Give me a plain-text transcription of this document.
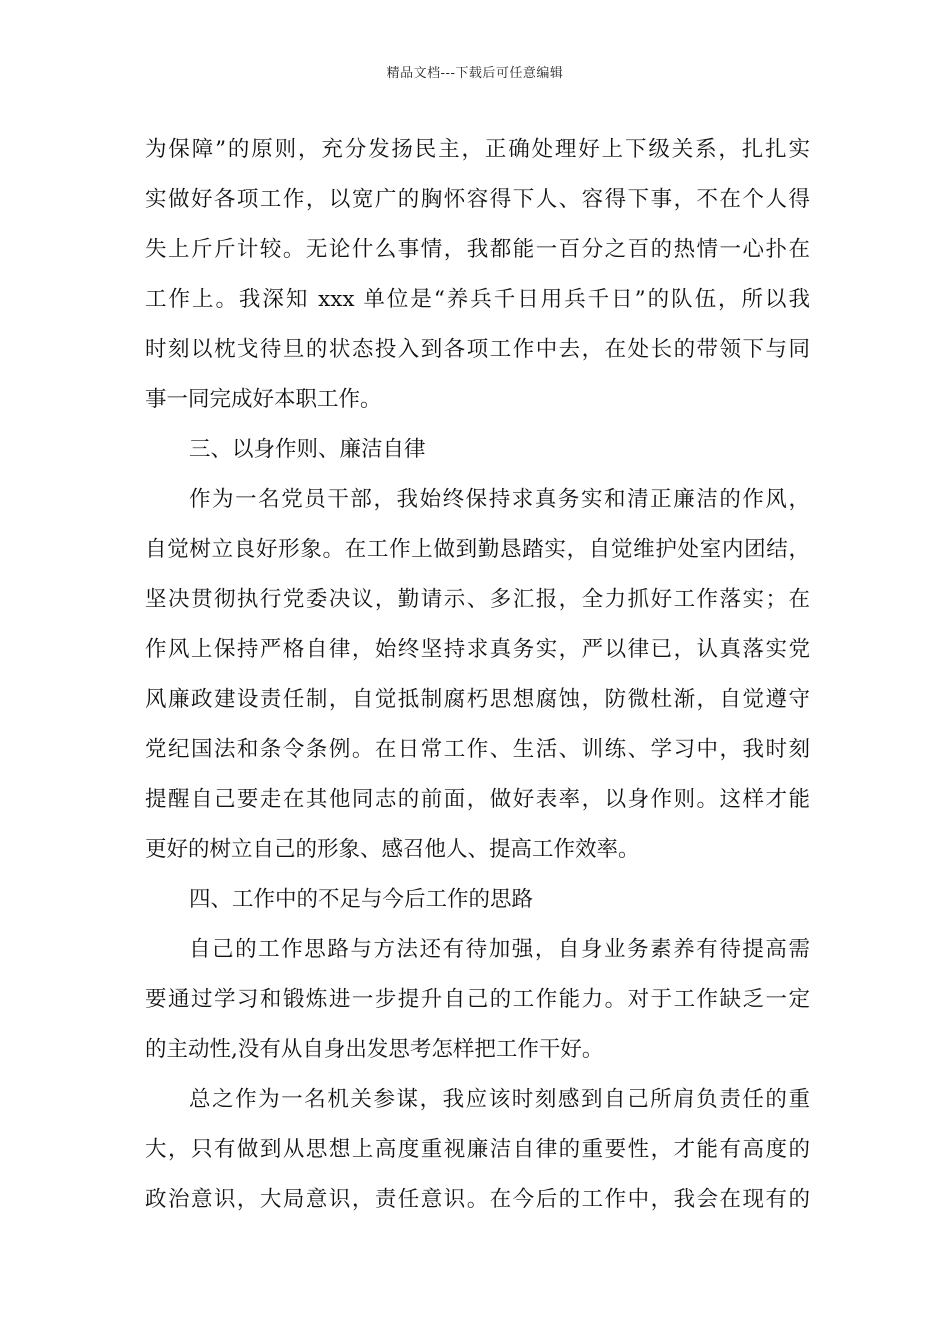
精品文档---下载后可任意编辑
为保障”的原则，充分发扬民主，正确处理好上下级关系，扎扎实
实做好各项工作，以宽广的胸怀容得下人、容得下事，不在个人得
失上斤斤计较。无论什么事情，我都能一百分之百的热情一心扑在
工作上。我深知 xxx 单位是“养兵千日用兵千日”的队伍，所以我
时刻以枕戈待旦的状态投入到各项工作中去，在处长的带领下与同
事一同完成好本职工作。
三、以身作则、廉洁自律
作为一名党员干部，我始终保持求真务实和清正廉洁的作风，
自觉树立良好形象。在工作上做到勤恳踏实，自觉维护处室内团结，
坚决贯彻执行党委决议，勤请示、多汇报，全力抓好工作落实；在
作风上保持严格自律，始终坚持求真务实，严以律已，认真落实党
风廉政建设责任制，自觉抵制腐朽思想腐蚀，防微杜渐，自觉遵守
党纪国法和条令条例。在日常工作、生活、训练、学习中，我时刻
提醒自己要走在其他同志的前面，做好表率，以身作则。这样才能
更好的树立自己的形象、感召他人、提高工作效率。
四、工作中的不足与今后工作的思路
自己的工作思路与方法还有待加强，自身业务素养有待提高需
要通过学习和锻炼进一步提升自己的工作能力。对于工作缺乏一定
的主动性,没有从自身出发思考怎样把工作干好。
总之作为一名机关参谋，我应该时刻感到自己所肩负责任的重
大，只有做到从思想上高度重视廉洁自律的重要性，才能有高度的
政治意识，大局意识，责任意识。在今后的工作中，我会在现有的
